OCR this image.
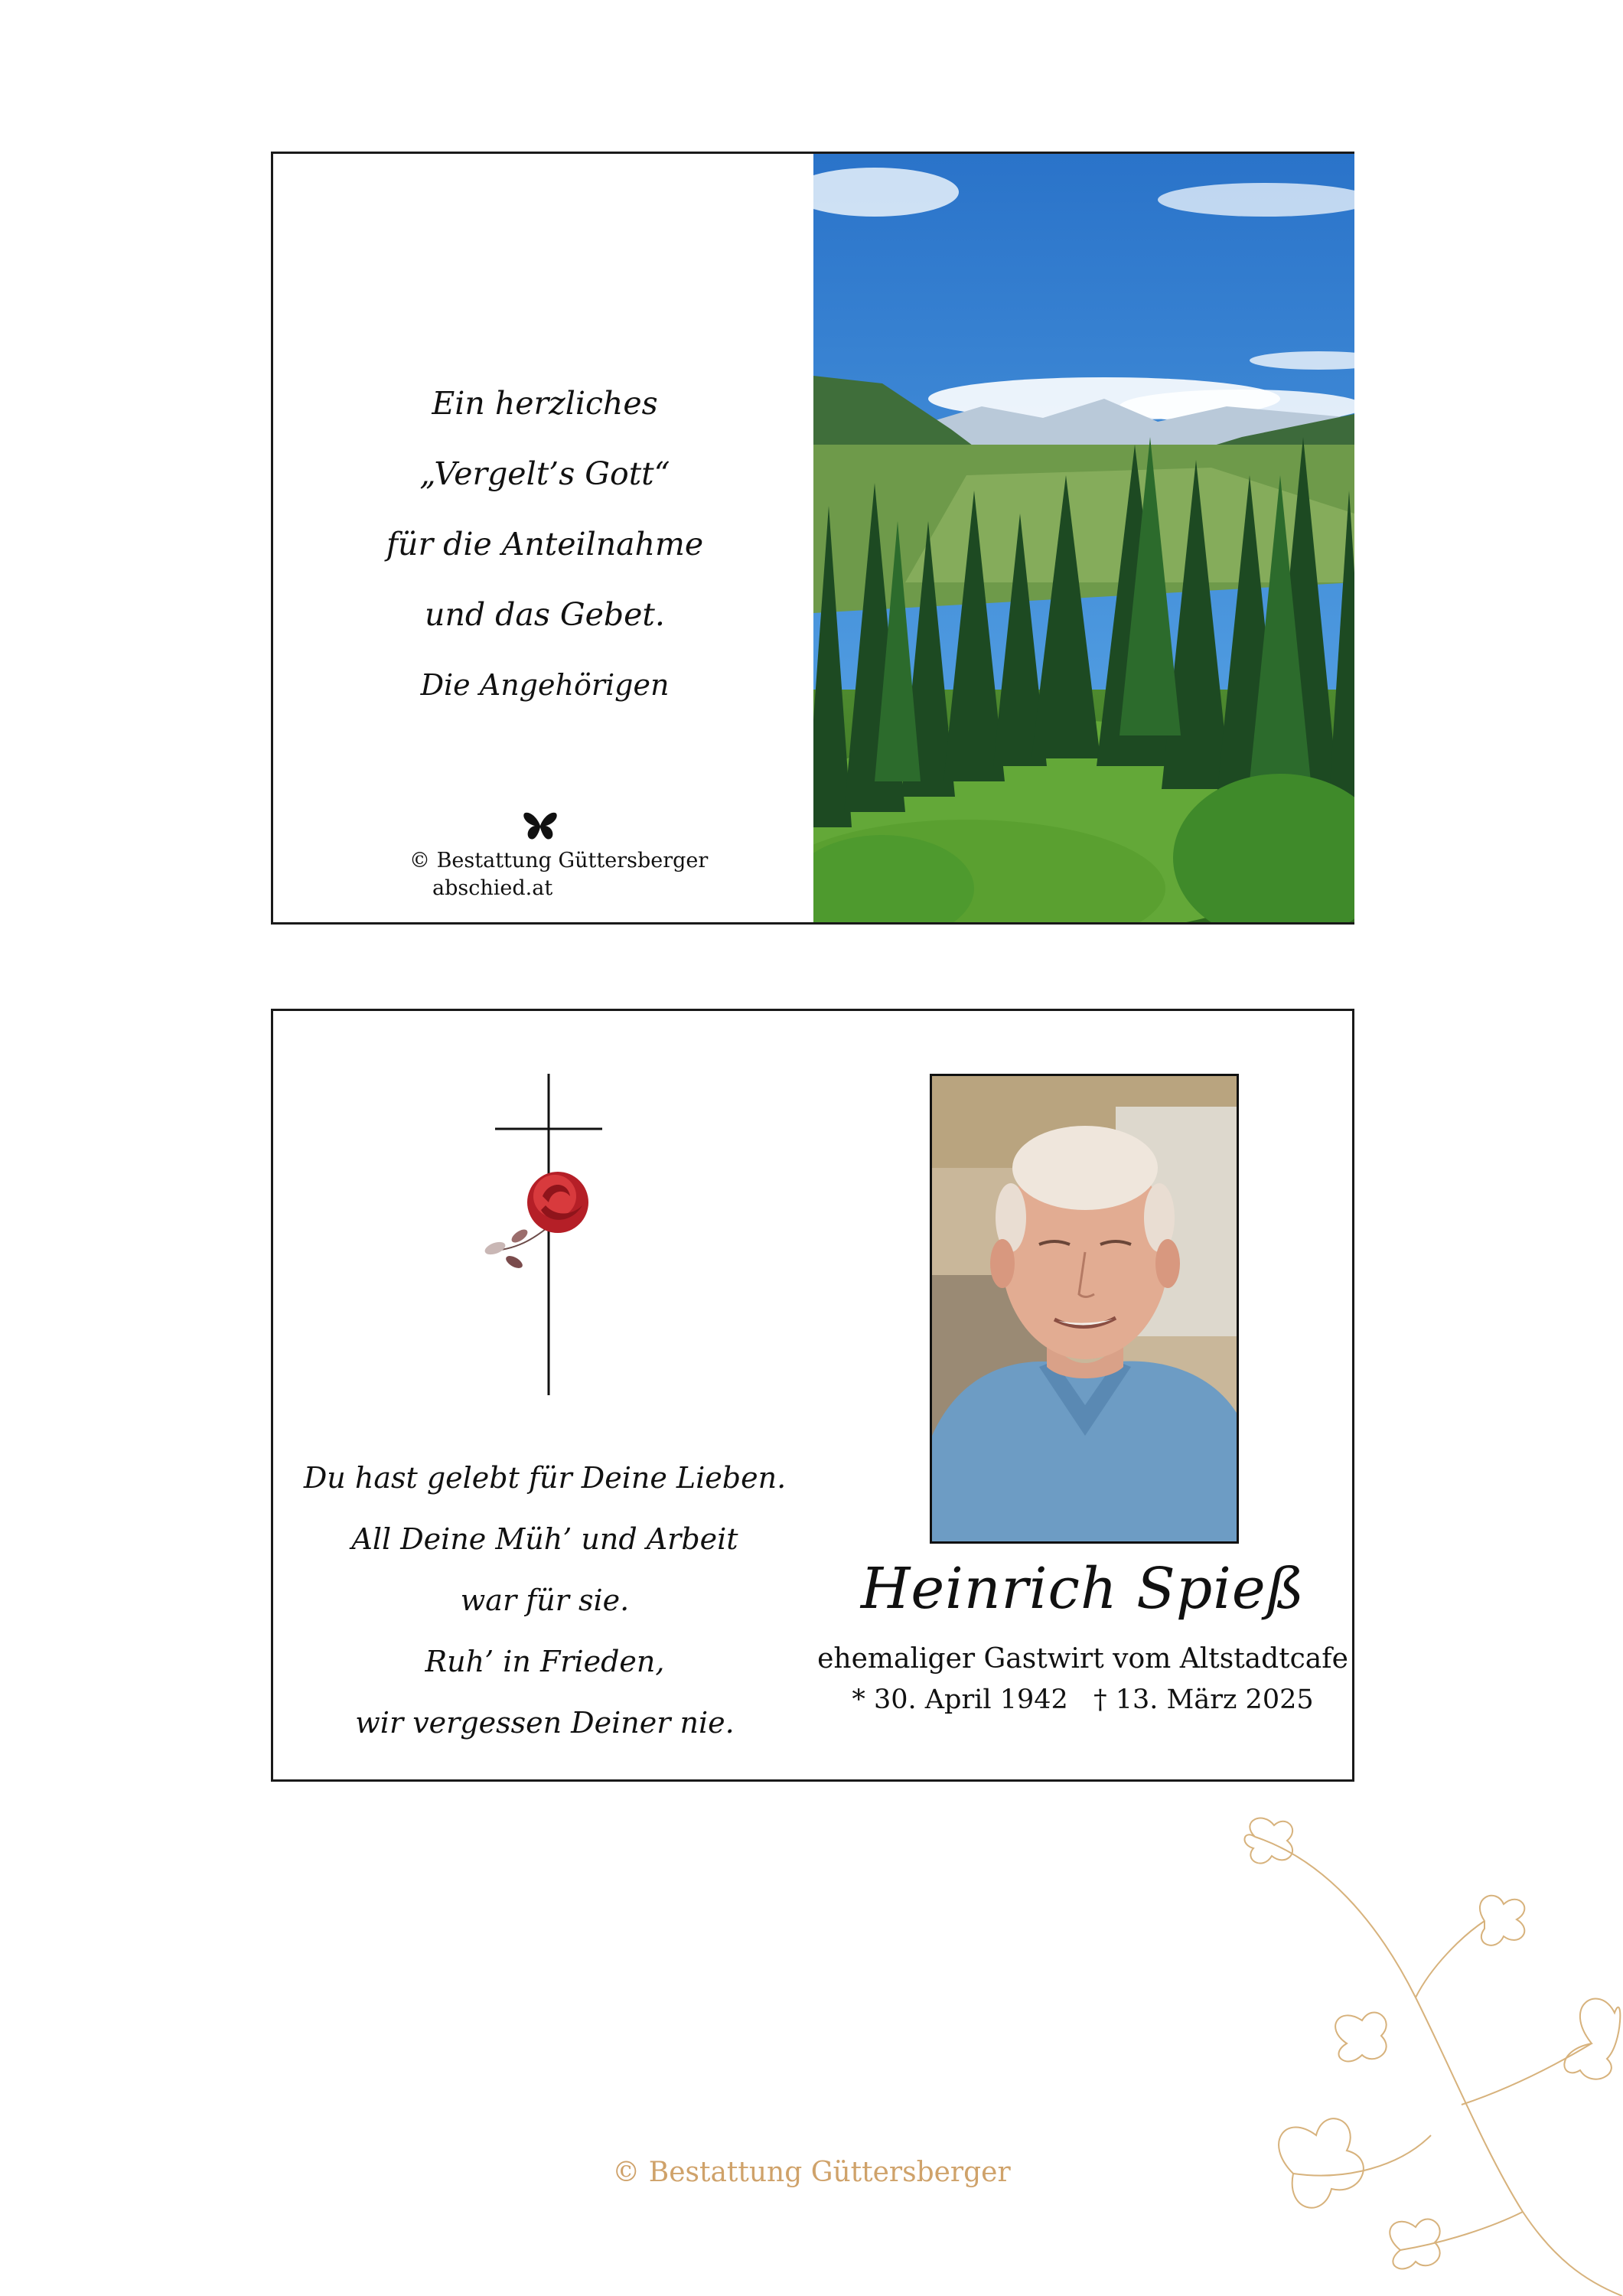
Ein herzliches
„Vergelt’s Gott“
für die Anteilnahme
und das Gebet.
Die Angehörigen
© Bestattung Güttersberger
abschied.at
Du hast gelebt für Deine Lieben.
All Deine Müh’ und Arbeit
war für sie.
Ruh’ in Frieden,
wir vergessen Deiner nie.
Heinrich Spieß
ehemaliger Gastwirt vom Altstadtcafe
* 30. April 1942   † 13. März 2025
© Bestattung Güttersberger
